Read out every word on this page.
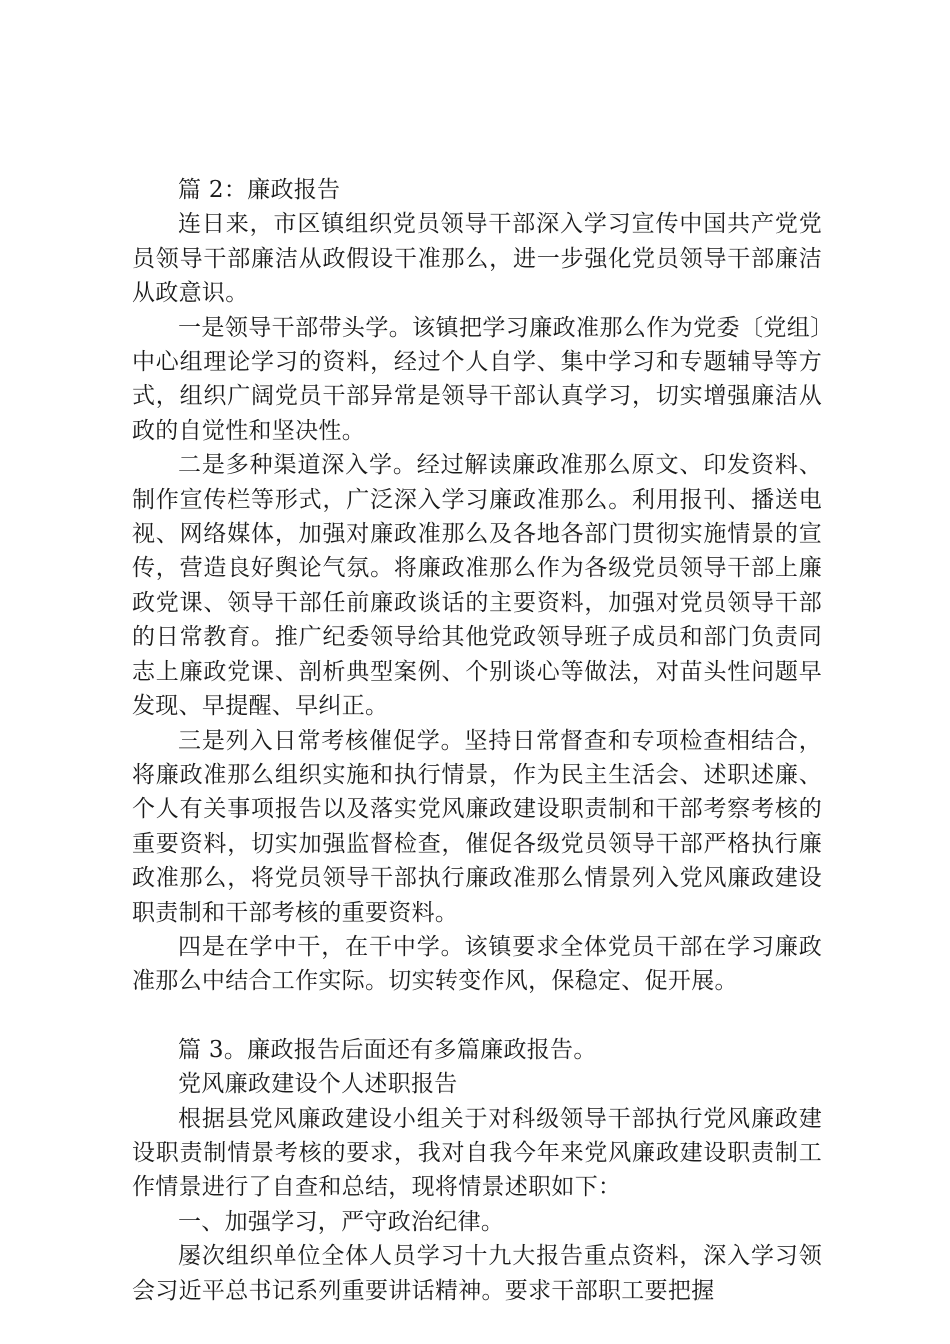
篇 2：廉政报告

连日来，市区镇组织党员领导干部深入学习宣传中国共产党党员领导干部廉洁从政假设干准那么，进一步强化党员领导干部廉洁从政意识。

一是领导干部带头学。该镇把学习廉政准那么作为党委〔党组〕中心组理论学习的资料，经过个人自学、集中学习和专题辅导等方式，组织广阔党员干部异常是领导干部认真学习，切实增强廉洁从政的自觉性和坚决性。

二是多种渠道深入学。经过解读廉政准那么原文、印发资料、制作宣传栏等形式，广泛深入学习廉政准那么。利用报刊、播送电视、网络媒体，加强对廉政准那么及各地各部门贯彻实施情景的宣传，营造良好舆论气氛。将廉政准那么作为各级党员领导干部上廉政党课、领导干部任前廉政谈话的主要资料，加强对党员领导干部的日常教育。推广纪委领导给其他党政领导班子成员和部门负责同志上廉政党课、剖析典型案例、个别谈心等做法，对苗头性问题早发现、早提醒、早纠正。

三是列入日常考核催促学。坚持日常督查和专项检查相结合，将廉政准那么组织实施和执行情景，作为民主生活会、述职述廉、个人有关事项报告以及落实党风廉政建设职责制和干部考察考核的重要资料，切实加强监督检查，催促各级党员领导干部严格执行廉政准那么，将党员领导干部执行廉政准那么情景列入党风廉政建设职责制和干部考核的重要资料。

四是在学中干，在干中学。该镇要求全体党员干部在学习廉政准那么中结合工作实际。切实转变作风，保稳定、促开展。

篇 3。廉政报告后面还有多篇廉政报告。

党风廉政建设个人述职报告

根据县党风廉政建设小组关于对科级领导干部执行党风廉政建设职责制情景考核的要求，我对自我今年来党风廉政建设职责制工作情景进行了自查和总结，现将情景述职如下：

一、加强学习，严守政治纪律。

屡次组织单位全体人员学习十九大报告重点资料，深入学习领会习近平总书记系列重要讲话精神。要求干部职工要把握
